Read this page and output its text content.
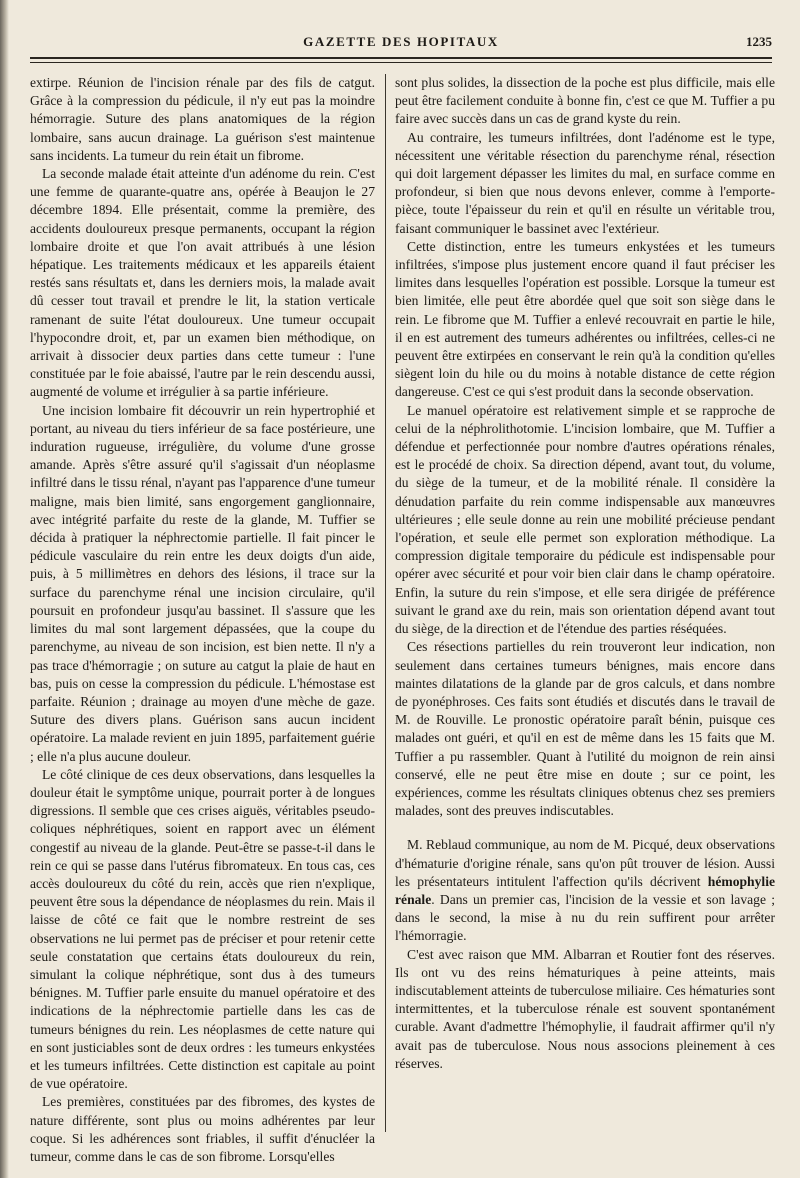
GAZETTE DES HOPITAUX	1235

extirpe. Réunion de l'incision rénale par des fils de catgut. Grâce à la compression du pédicule, il n'y eut pas la moindre hémorragie. Suture des plans anatomiques de la région lombaire, sans aucun drainage. La guérison s'est maintenue sans incidents. La tumeur du rein était un fibrome.

La seconde malade était atteinte d'un adénome du rein. C'est une femme de quarante-quatre ans, opérée à Beaujon le 27 décembre 1894. Elle présentait, comme la première, des accidents douloureux presque permanents, occupant la région lombaire droite et que l'on avait attribués à une lésion hépatique. Les traitements médicaux et les appareils étaient restés sans résultats et, dans les derniers mois, la malade avait dû cesser tout travail et prendre le lit, la station verticale ramenant de suite l'état douloureux. Une tumeur occupait l'hypocondre droit, et, par un examen bien méthodique, on arrivait à dissocier deux parties dans cette tumeur : l'une constituée par le foie abaissé, l'autre par le rein descendu aussi, augmenté de volume et irrégulier à sa partie inférieure.

Une incision lombaire fit découvrir un rein hypertrophié et portant, au niveau du tiers inférieur de sa face postérieure, une induration rugueuse, irrégulière, du volume d'une grosse amande. Après s'être assuré qu'il s'agissait d'un néoplasme infiltré dans le tissu rénal, n'ayant pas l'apparence d'une tumeur maligne, mais bien limité, sans engorgement ganglionnaire, avec intégrité parfaite du reste de la glande, M. Tuffier se décida à pratiquer la néphrectomie partielle. Il fait pincer le pédicule vasculaire du rein entre les deux doigts d'un aide, puis, à 5 millimètres en dehors des lésions, il trace sur la surface du parenchyme rénal une incision circulaire, qu'il poursuit en profondeur jusqu'au bassinet. Il s'assure que les limites du mal sont largement dépassées, que la coupe du parenchyme, au niveau de son incision, est bien nette. Il n'y a pas trace d'hémorragie ; on suture au catgut la plaie de haut en bas, puis on cesse la compression du pédicule. L'hémostase est parfaite. Réunion ; drainage au moyen d'une mèche de gaze. Suture des divers plans. Guérison sans aucun incident opératoire. La malade revient en juin 1895, parfaitement guérie ; elle n'a plus aucune douleur.

Le côté clinique de ces deux observations, dans lesquelles la douleur était le symptôme unique, pourrait porter à de longues digressions. Il semble que ces crises aiguës, véritables pseudo-coliques néphrétiques, soient en rapport avec un élément congestif au niveau de la glande. Peut-être se passe-t-il dans le rein ce qui se passe dans l'utérus fibromateux. En tous cas, ces accès douloureux du côté du rein, accès que rien n'explique, peuvent être sous la dépendance de néoplasmes du rein. Mais il laisse de côté ce fait que le nombre restreint de ses observations ne lui permet pas de préciser et pour retenir cette seule constatation que certains états douloureux du rein, simulant la colique néphrétique, sont dus à des tumeurs bénignes. M. Tuffier parle ensuite du manuel opératoire et des indications de la néphrectomie partielle dans les cas de tumeurs bénignes du rein. Les néoplasmes de cette nature qui en sont justiciables sont de deux ordres : les tumeurs enkystées et les tumeurs infiltrées. Cette distinction est capitale au point de vue opératoire.

Les premières, constituées par des fibromes, des kystes de nature différente, sont plus ou moins adhérentes par leur coque. Si les adhérences sont friables, il suffit d'énucléer la tumeur, comme dans le cas de son fibrome. Lorsqu'elles

sont plus solides, la dissection de la poche est plus difficile, mais elle peut être facilement conduite à bonne fin, c'est ce que M. Tuffier a pu faire avec succès dans un cas de grand kyste du rein.

Au contraire, les tumeurs infiltrées, dont l'adénome est le type, nécessitent une véritable résection du parenchyme rénal, résection qui doit largement dépasser les limites du mal, en surface comme en profondeur, si bien que nous devons enlever, comme à l'emporte-pièce, toute l'épaisseur du rein et qu'il en résulte un véritable trou, faisant communiquer le bassinet avec l'extérieur.

Cette distinction, entre les tumeurs enkystées et les tumeurs infiltrées, s'impose plus justement encore quand il faut préciser les limites dans lesquelles l'opération est possible. Lorsque la tumeur est bien limitée, elle peut être abordée quel que soit son siège dans le rein. Le fibrome que M. Tuffier a enlevé recouvrait en partie le hile, il en est autrement des tumeurs adhérentes ou infiltrées, celles-ci ne peuvent être extirpées en conservant le rein qu'à la condition qu'elles siègent loin du hile ou du moins à notable distance de cette région dangereuse. C'est ce qui s'est produit dans la seconde observation.

Le manuel opératoire est relativement simple et se rapproche de celui de la néphrolithotomie. L'incision lombaire, que M. Tuffier a défendue et perfectionnée pour nombre d'autres opérations rénales, est le procédé de choix. Sa direction dépend, avant tout, du volume, du siège de la tumeur, et de la mobilité rénale. Il considère la dénudation parfaite du rein comme indispensable aux manœuvres ultérieures ; elle seule donne au rein une mobilité précieuse pendant l'opération, et seule elle permet son exploration méthodique. La compression digitale temporaire du pédicule est indispensable pour opérer avec sécurité et pour voir bien clair dans le champ opératoire. Enfin, la suture du rein s'impose, et elle sera dirigée de préférence suivant le grand axe du rein, mais son orientation dépend avant tout du siège, de la direction et de l'étendue des parties réséquées.

Ces résections partielles du rein trouveront leur indication, non seulement dans certaines tumeurs bénignes, mais encore dans maintes dilatations de la glande par de gros calculs, et dans nombre de pyonéphroses. Ces faits sont étudiés et discutés dans le travail de M. de Rouville. Le pronostic opératoire paraît bénin, puisque ces malades ont guéri, et qu'il en est de même dans les 15 faits que M. Tuffier a pu rassembler. Quant à l'utilité du moignon de rein ainsi conservé, elle ne peut être mise en doute ; sur ce point, les expériences, comme les résultats cliniques obtenus chez ses premiers malades, sont des preuves indiscutables.

M. Reblaud communique, au nom de M. Picqué, deux observations d'hématurie d'origine rénale, sans qu'on pût trouver de lésion. Aussi les présentateurs intitulent l'affection qu'ils décrivent hémophylie rénale. Dans un premier cas, l'incision de la vessie et son lavage ; dans le second, la mise à nu du rein suffirent pour arrêter l'hémorragie.

C'est avec raison que MM. Albarran et Routier font des réserves. Ils ont vu des reins hématuriques à peine atteints, mais indiscutablement atteints de tuberculose miliaire. Ces hématuries sont intermittentes, et la tuberculose rénale est souvent spontanément curable. Avant d'admettre l'hémophylie, il faudrait affirmer qu'il n'y avait pas de tuberculose. Nous nous associons pleinement à ces réserves.
